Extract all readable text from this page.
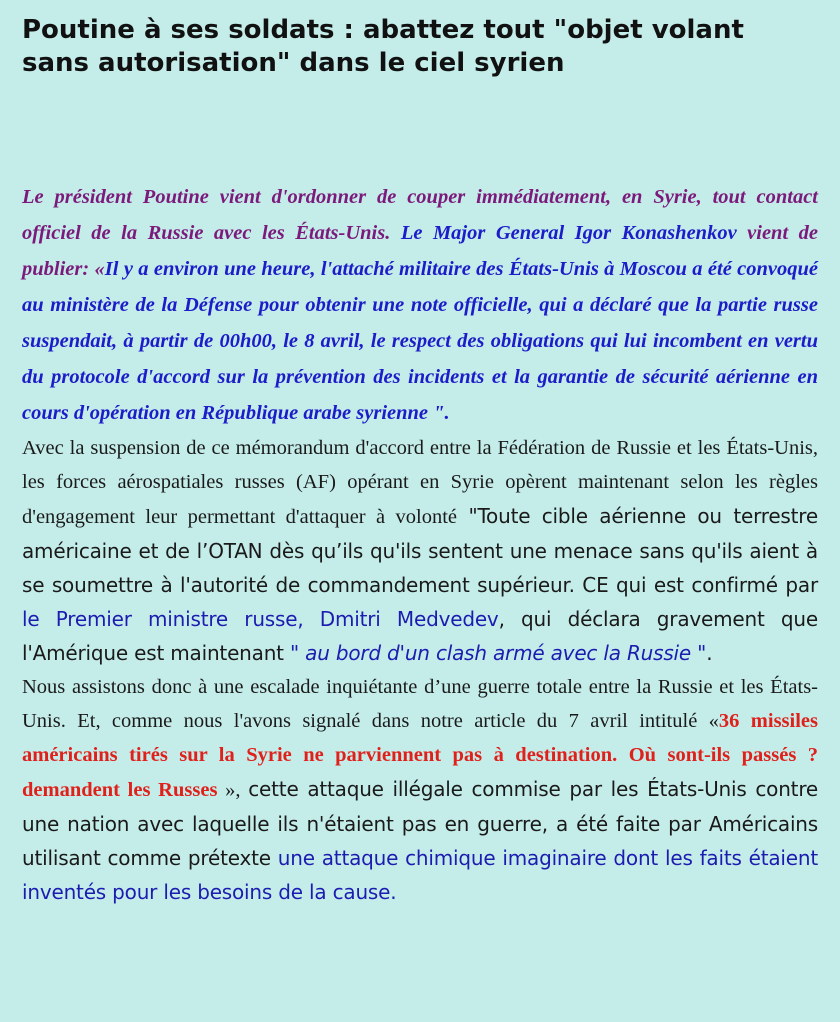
Poutine à ses soldats : abattez tout "objet volant sans autorisation" dans le ciel syrien

Le président Poutine vient d'ordonner de couper immédiatement, en Syrie, tout contact officiel de la Russie avec les États-Unis. Le Major General Igor Konashenkov vient de publier: «Il y a environ une heure, l'attaché militaire des États-Unis à Moscou a été convoqué au ministère de la Défense pour obtenir une note officielle, qui a déclaré que la partie russe suspendait, à partir de 00h00, le 8 avril, le respect des obligations qui lui incombent en vertu du protocole d'accord sur la prévention des incidents et la garantie de sécurité aérienne en cours d'opération en République arabe syrienne ".

Avec la suspension de ce mémorandum d'accord entre la Fédération de Russie et les États-Unis, les forces aérospatiales russes (AF) opérant en Syrie opèrent maintenant selon les règles d'engagement leur permettant d'attaquer à volonté "Toute cible aérienne ou terrestre américaine et de l’OTAN dès qu’ils qu'ils sentent une menace sans qu'ils aient à se soumettre à l'autorité de commandement supérieur. CE qui est confirmé par le Premier ministre russe, Dmitri Medvedev, qui déclara gravement que l'Amérique est maintenant " au bord d'un clash armé avec la Russie ".

Nous assistons donc à une escalade inquiétante d’une guerre totale entre la Russie et les États-Unis. Et, comme nous l'avons signalé dans notre article du 7 avril intitulé «36 missiles américains tirés sur la Syrie ne parviennent pas à destination. Où sont-ils passés ? demandent les Russes », cette attaque illégale commise par les États-Unis contre une nation avec laquelle ils n'étaient pas en guerre, a été faite par Américains utilisant comme prétexte une attaque chimique imaginaire dont les faits étaient inventés pour les besoins de la cause.
